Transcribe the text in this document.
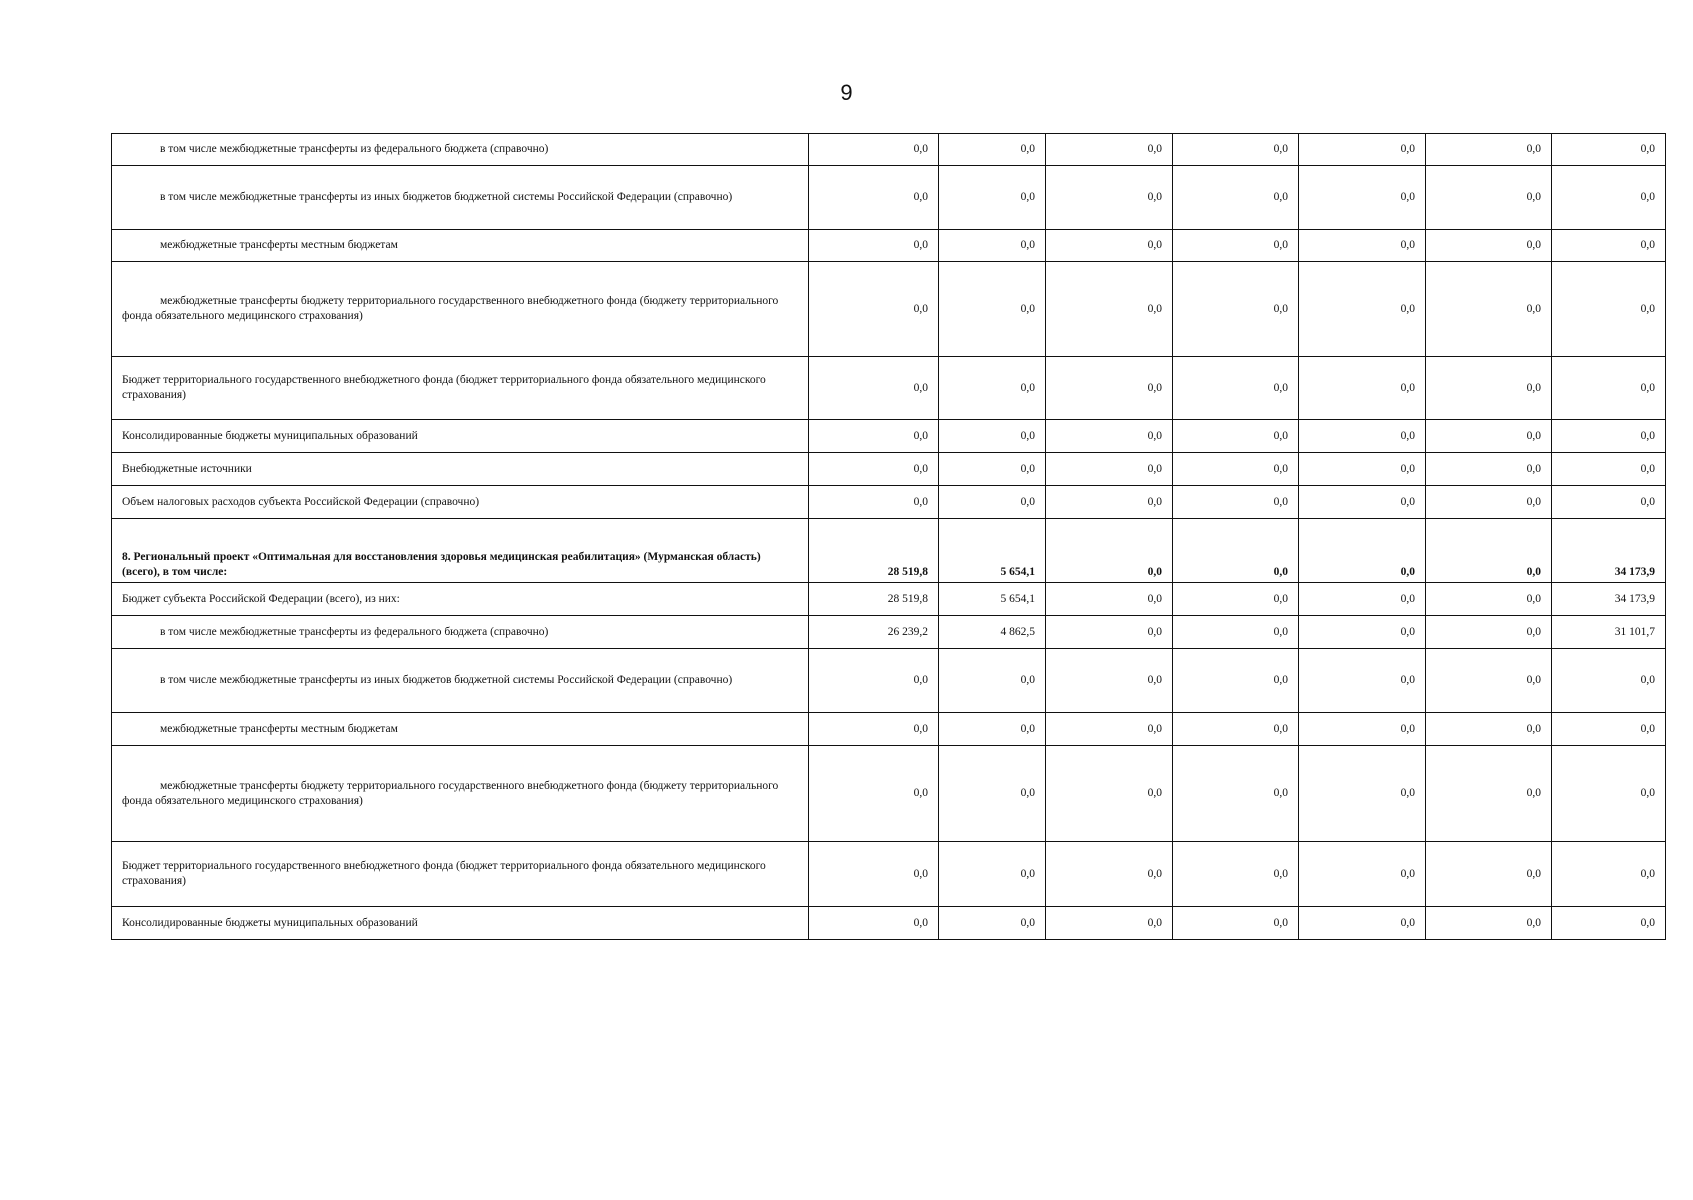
9
в том числе межбюджетные трансферты из федерального бюджета (справочно)	0,0	0,0	0,0	0,0	0,0	0,0	0,0
в том числе межбюджетные трансферты из иных бюджетов бюджетной системы Российской Федерации (справочно)	0,0	0,0	0,0	0,0	0,0	0,0	0,0
межбюджетные трансферты местным бюджетам	0,0	0,0	0,0	0,0	0,0	0,0	0,0
межбюджетные трансферты бюджету территориального государственного внебюджетного фонда (бюджету территориального фонда обязательного медицинского страхования)	0,0	0,0	0,0	0,0	0,0	0,0	0,0
Бюджет территориального государственного внебюджетного фонда (бюджет территориального фонда обязательного медицинского страхования)	0,0	0,0	0,0	0,0	0,0	0,0	0,0
Консолидированные бюджеты муниципальных образований	0,0	0,0	0,0	0,0	0,0	0,0	0,0
Внебюджетные источники	0,0	0,0	0,0	0,0	0,0	0,0	0,0
Объем налоговых расходов субъекта Российской Федерации (справочно)	0,0	0,0	0,0	0,0	0,0	0,0	0,0
8. Региональный проект «Оптимальная для восстановления здоровья медицинская реабилитация» (Мурманская область) (всего), в том числе:	28 519,8	5 654,1	0,0	0,0	0,0	0,0	34 173,9
Бюджет субъекта Российской Федерации (всего), из них:	28 519,8	5 654,1	0,0	0,0	0,0	0,0	34 173,9
в том числе межбюджетные трансферты из федерального бюджета (справочно)	26 239,2	4 862,5	0,0	0,0	0,0	0,0	31 101,7
в том числе межбюджетные трансферты из иных бюджетов бюджетной системы Российской Федерации (справочно)	0,0	0,0	0,0	0,0	0,0	0,0	0,0
межбюджетные трансферты местным бюджетам	0,0	0,0	0,0	0,0	0,0	0,0	0,0
межбюджетные трансферты бюджету территориального государственного внебюджетного фонда (бюджету территориального фонда обязательного медицинского страхования)	0,0	0,0	0,0	0,0	0,0	0,0	0,0
Бюджет территориального государственного внебюджетного фонда (бюджет территориального фонда обязательного медицинского страхования)	0,0	0,0	0,0	0,0	0,0	0,0	0,0
Консолидированные бюджеты муниципальных образований	0,0	0,0	0,0	0,0	0,0	0,0	0,0
